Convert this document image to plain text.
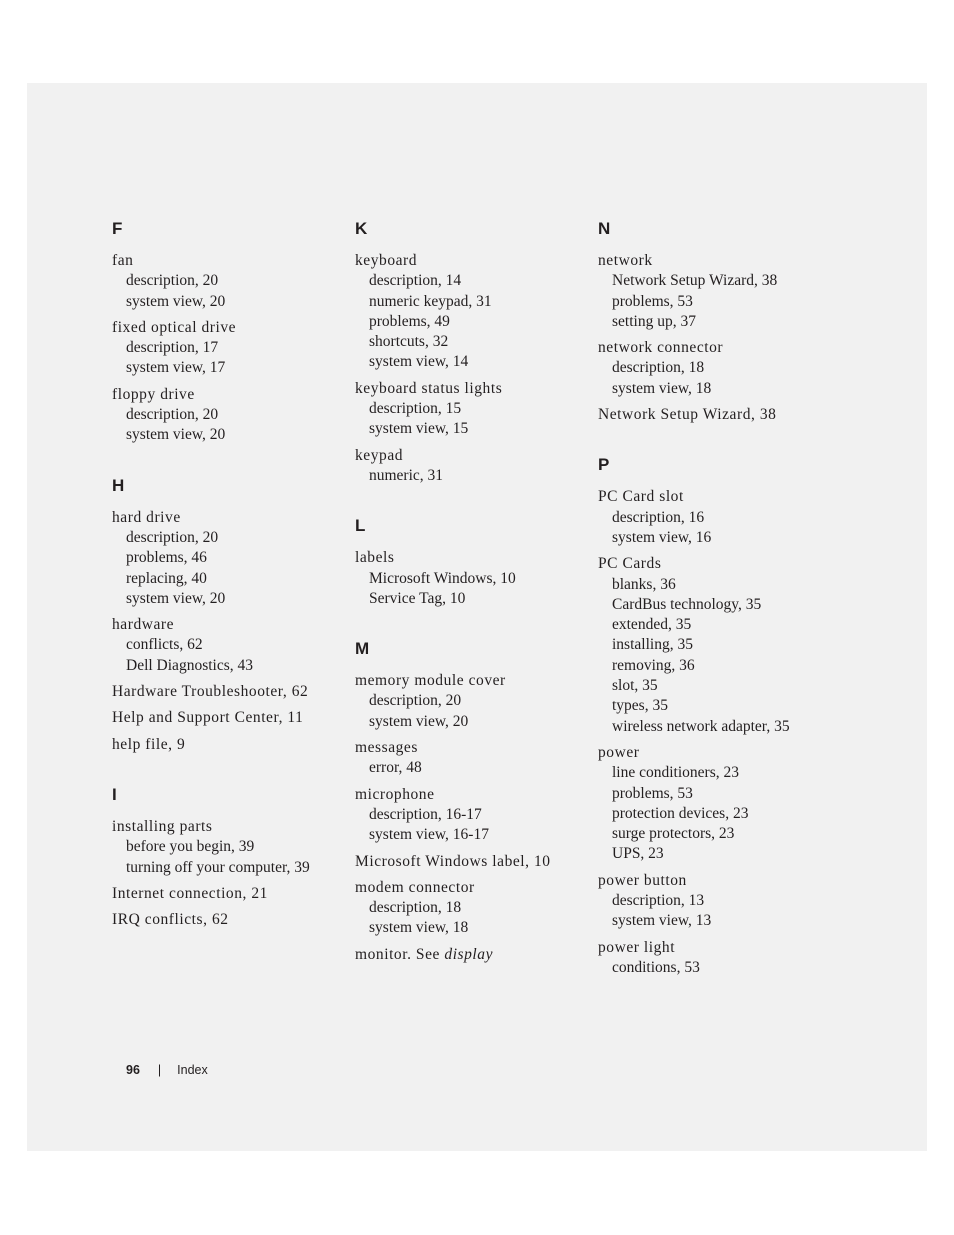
F
fan
description, 20
system view, 20
fixed optical drive
description, 17
system view, 17
floppy drive
description, 20
system view, 20
H
hard drive
description, 20
problems, 46
replacing, 40
system view, 20
hardware
conflicts, 62
Dell Diagnostics, 43
Hardware Troubleshooter, 62
Help and Support Center, 11
help file, 9
I
installing parts
before you begin, 39
turning off your computer, 39
Internet connection, 21
IRQ conflicts, 62
K
keyboard
description, 14
numeric keypad, 31
problems, 49
shortcuts, 32
system view, 14
keyboard status lights
description, 15
system view, 15
keypad
numeric, 31
L
labels
Microsoft Windows, 10
Service Tag, 10
M
memory module cover
description, 20
system view, 20
messages
error, 48
microphone
description, 16-17
system view, 16-17
Microsoft Windows label, 10
modem connector
description, 18
system view, 18
monitor. See display
N
network
Network Setup Wizard, 38
problems, 53
setting up, 37
network connector
description, 18
system view, 18
Network Setup Wizard, 38
P
PC Card slot
description, 16
system view, 16
PC Cards
blanks, 36
CardBus technology, 35
extended, 35
installing, 35
removing, 36
slot, 35
types, 35
wireless network adapter, 35
power
line conditioners, 23
problems, 53
protection devices, 23
surge protectors, 23
UPS, 23
power button
description, 13
system view, 13
power light
conditions, 53
96 | Index
